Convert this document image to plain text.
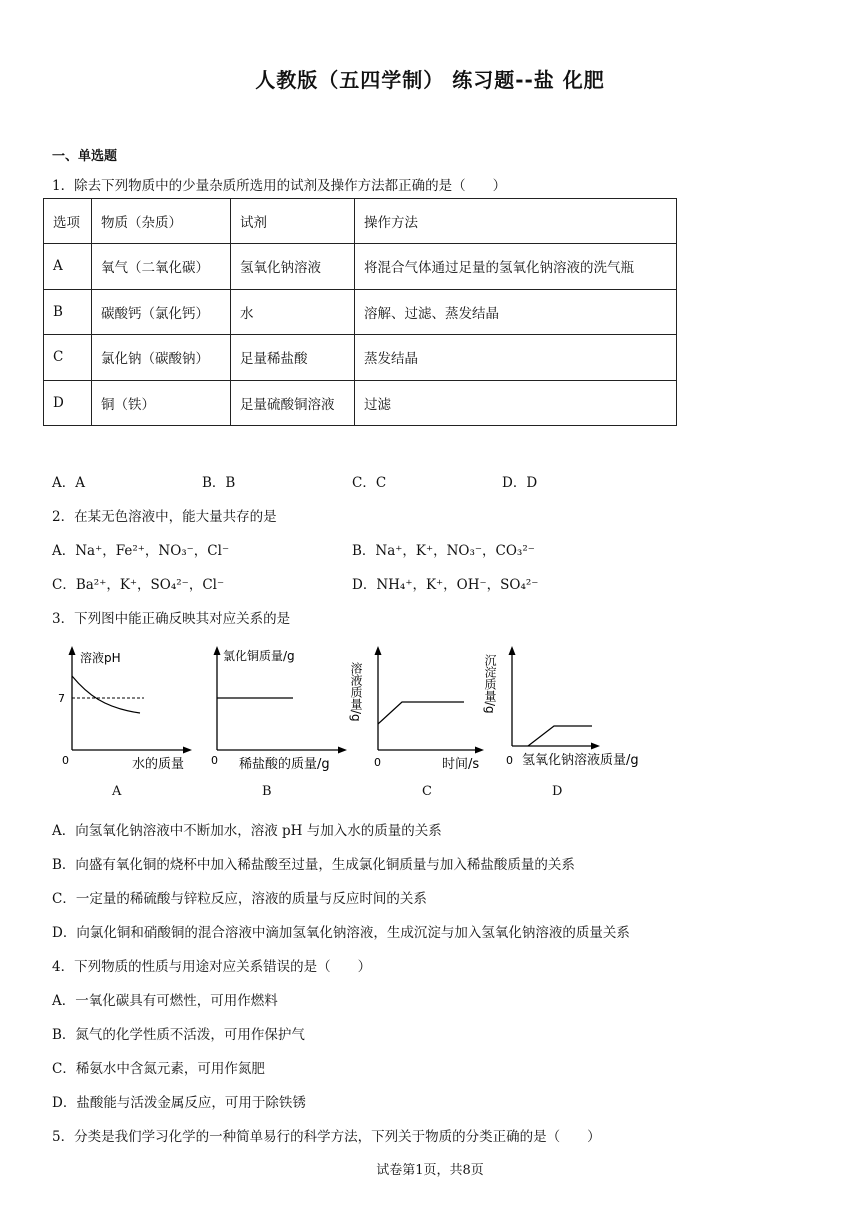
人教版（五四学制） 练习题--盐 化肥
一、单选题
1．除去下列物质中的少量杂质所选用的试剂及操作方法都正确的是（　　）
选项	物质（杂质）	试剂	操作方法
A	氧气（二氧化碳）	氢氧化钠溶液	将混合气体通过足量的氢氧化钠溶液的洗气瓶
B	碳酸钙（氯化钙）	水	溶解、过滤、蒸发结晶
C	氯化钠（碳酸钠）	足量稀盐酸	蒸发结晶
D	铜（铁）	足量硫酸铜溶液	过滤
A．A	B．B	C．C	D．D
2．在某无色溶液中，能大量共存的是
A．Na⁺，Fe²⁺，NO₃⁻，Cl⁻	B．Na⁺，K⁺，NO₃⁻，CO₃²⁻
C．Ba²⁺，K⁺，SO₄²⁻，Cl⁻	D．NH₄⁺，K⁺，OH⁻，SO₄²⁻
3．下列图中能正确反映其对应关系的是
溶液pH
7
0	水的质量
A
氯化铜质量/g
0 稀盐酸的质量/g
B
溶液质量/g
0	时间/s
C
沉淀质量/g
0 氢氧化钠溶液质量/g
D
A．向氢氧化钠溶液中不断加水，溶液 pH 与加入水的质量的关系
B．向盛有氧化铜的烧杯中加入稀盐酸至过量，生成氯化铜质量与加入稀盐酸质量的关系
C．一定量的稀硫酸与锌粒反应，溶液的质量与反应时间的关系
D．向氯化铜和硝酸铜的混合溶液中滴加氢氧化钠溶液，生成沉淀与加入氢氧化钠溶液的质量关系
4．下列物质的性质与用途对应关系错误的是（　　）
A．一氧化碳具有可燃性，可用作燃料
B．氮气的化学性质不活泼，可用作保护气
C．稀氨水中含氮元素，可用作氮肥
D．盐酸能与活泼金属反应，可用于除铁锈
5．分类是我们学习化学的一种简单易行的科学方法，下列关于物质的分类正确的是（　　）
试卷第1页，共8页
